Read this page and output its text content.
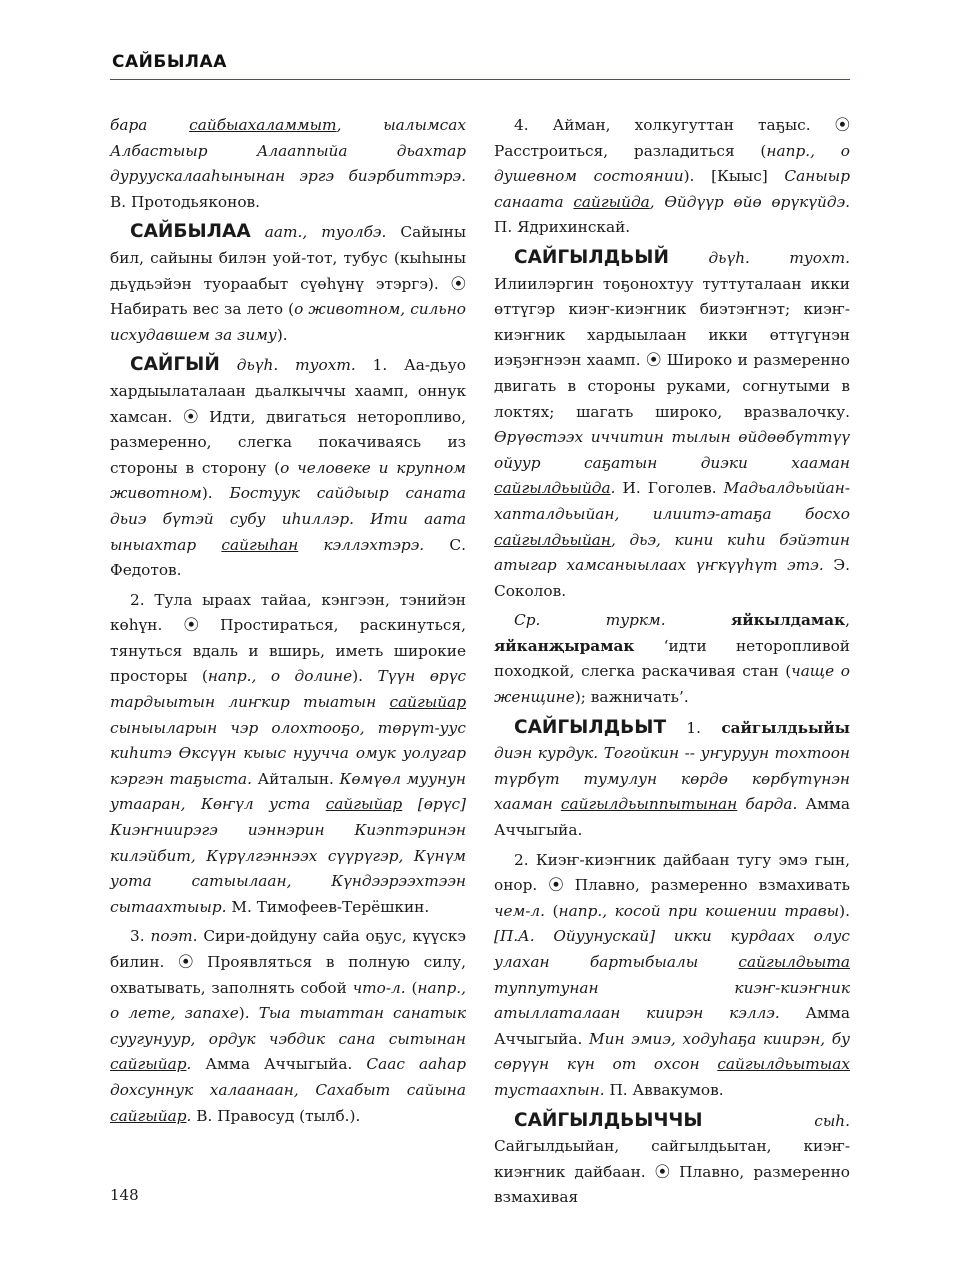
САЙБЫЛАА

бара сайбыахаламмыт, ыалымсах Албастыыр Алааппыйа дьахтар дуруускалааһынынан эргэ биэрбиттэрэ. В. Протодьяконов.

САЙБЫЛАА аат., туолбэ. Сайыны бил, сайыны билэн уой-тот, тубус (кыһыны дьүдьэйэн туораабыт сүөһүнү этэргэ). ⦿ Набирать вес за лето (о животном, сильно исхудавшем за зиму).

САЙГЫЙ дьүһ. туохт. 1. Аа-дьуо хардыылаталаан дьалкыччы хаамп, оннук хамсан. ⦿ Идти, двигаться неторопливо, размеренно, слегка покачиваясь из стороны в сторону (о человеке и крупном животном). Бостуук сайдыыр саната дьиэ бүтэй субу иһиллэр. Ити аата ыныахтар сайгыһан кэллэхтэрэ. С. Федотов.

2. Тула ыраах тайаа, кэнгээн, тэнийэн көһүн. ⦿ Простираться, раскинуться, тянуться вдаль и вширь, иметь широкие просторы (напр., о долине). Түүн өрүс тардыытын лиҥкир тыатын сайгыйар сыныыларын чэр олохтооҕо, төрүт-уус киһитэ Өксүүн кыыс нуучча омук уолугар кэргэн таҕыста. Айталын. Көмүөл муунун утааран, Көҥүл уста сайгыйар [өрүс] Киэҥниирэгэ иэннэрин Киэптэринэн килэйбит, Күрүлгэннээх сүүрүгэр, Күнүм уота сатыылаан, Күндээрээхтээн сытаахтыыр. М. Тимофеев-Терёшкин.

3. поэт. Сири-дойдуну сайа оҕус, күүскэ билин. ⦿ Проявляться в полную силу, охватывать, заполнять собой что-л. (напр., о лете, запахе). Тыа тыаттан санатык суугунуур, ордук чэбдик сана сытынан сайгыйар. Амма Аччыгыйа. Саас ааһар дохсуннук халаанаан, Сахабыт сайына сайгыйар. В. Правосуд (тылб.).

4. Айман, холкугуттан таҕыс. ⦿ Расстроиться, разладиться (напр., о душевном состоянии). [Кыыс] Саныыр санаата сайгыйда, Өйдүүр өйө өрүкүйдэ. П. Ядрихинскай.

САЙГЫЛДЬЫЙ дьүһ. туохт. Илиилэргин тоҕонохтуу туттуталаан икки өттүгэр киэҥ-киэҥник биэтэҥнэт; киэҥ-киэҥник хардыылаан икки өттүгүнэн иэҕэҥнээн хаамп. ⦿ Широко и размеренно двигать в стороны руками, согнутыми в локтях; шагать широко, вразвалочку. Өрүөстээх иччитин тылын өйдөөбүттүү ойуур саҕатын диэки хааман сайгылдьыйда. И. Гоголев. Мадьалдьыйан-хапталдьыйан, илиитэ-атаҕа босхо сайгылдьыйан, дьэ, кини киһи бэйэтин атыгар хамсаныылаах үҥкүүһүт этэ. Э. Соколов.

Ср. туркм.	яйкылдамак, яйканҗырамак ‘идти неторопливой походкой, слегка раскачивая стан (чаще о женщине); важничать’.

САЙГЫЛДЬЫТ 1. сайгылдьыйы диэн курдук. Тогойкин -- уҥуруун тохтоон түрбүт тумулун көрдө көрбүтүнэн хааман сайгылдьыппытынан барда. Амма Аччыгыйа.

2. Киэҥ-киэҥник дайбаан тугу эмэ гын, онор. ⦿ Плавно, размеренно взмахивать чем-л. (напр., косой при кошении травы). [П.А. Ойуунускай] икки курдаах олус улахан бартыбыалы сайгылдьыта туппутунан киэҥ-киэҥник атыллаталаан киирэн кэллэ. Амма Аччыгыйа. Мин эмиэ, ходуһаҕа киирэн, бу сөрүүн күн от охсон сайгылдьытыах тустаахпын. П. Аввакумов.

САЙГЫЛДЬЫЧЧЫ сыһ. Сайгылдьыйан, сайгылдьытан, киэҥ-киэҥник дайбаан. ⦿ Плавно, размеренно взмахивая

148
